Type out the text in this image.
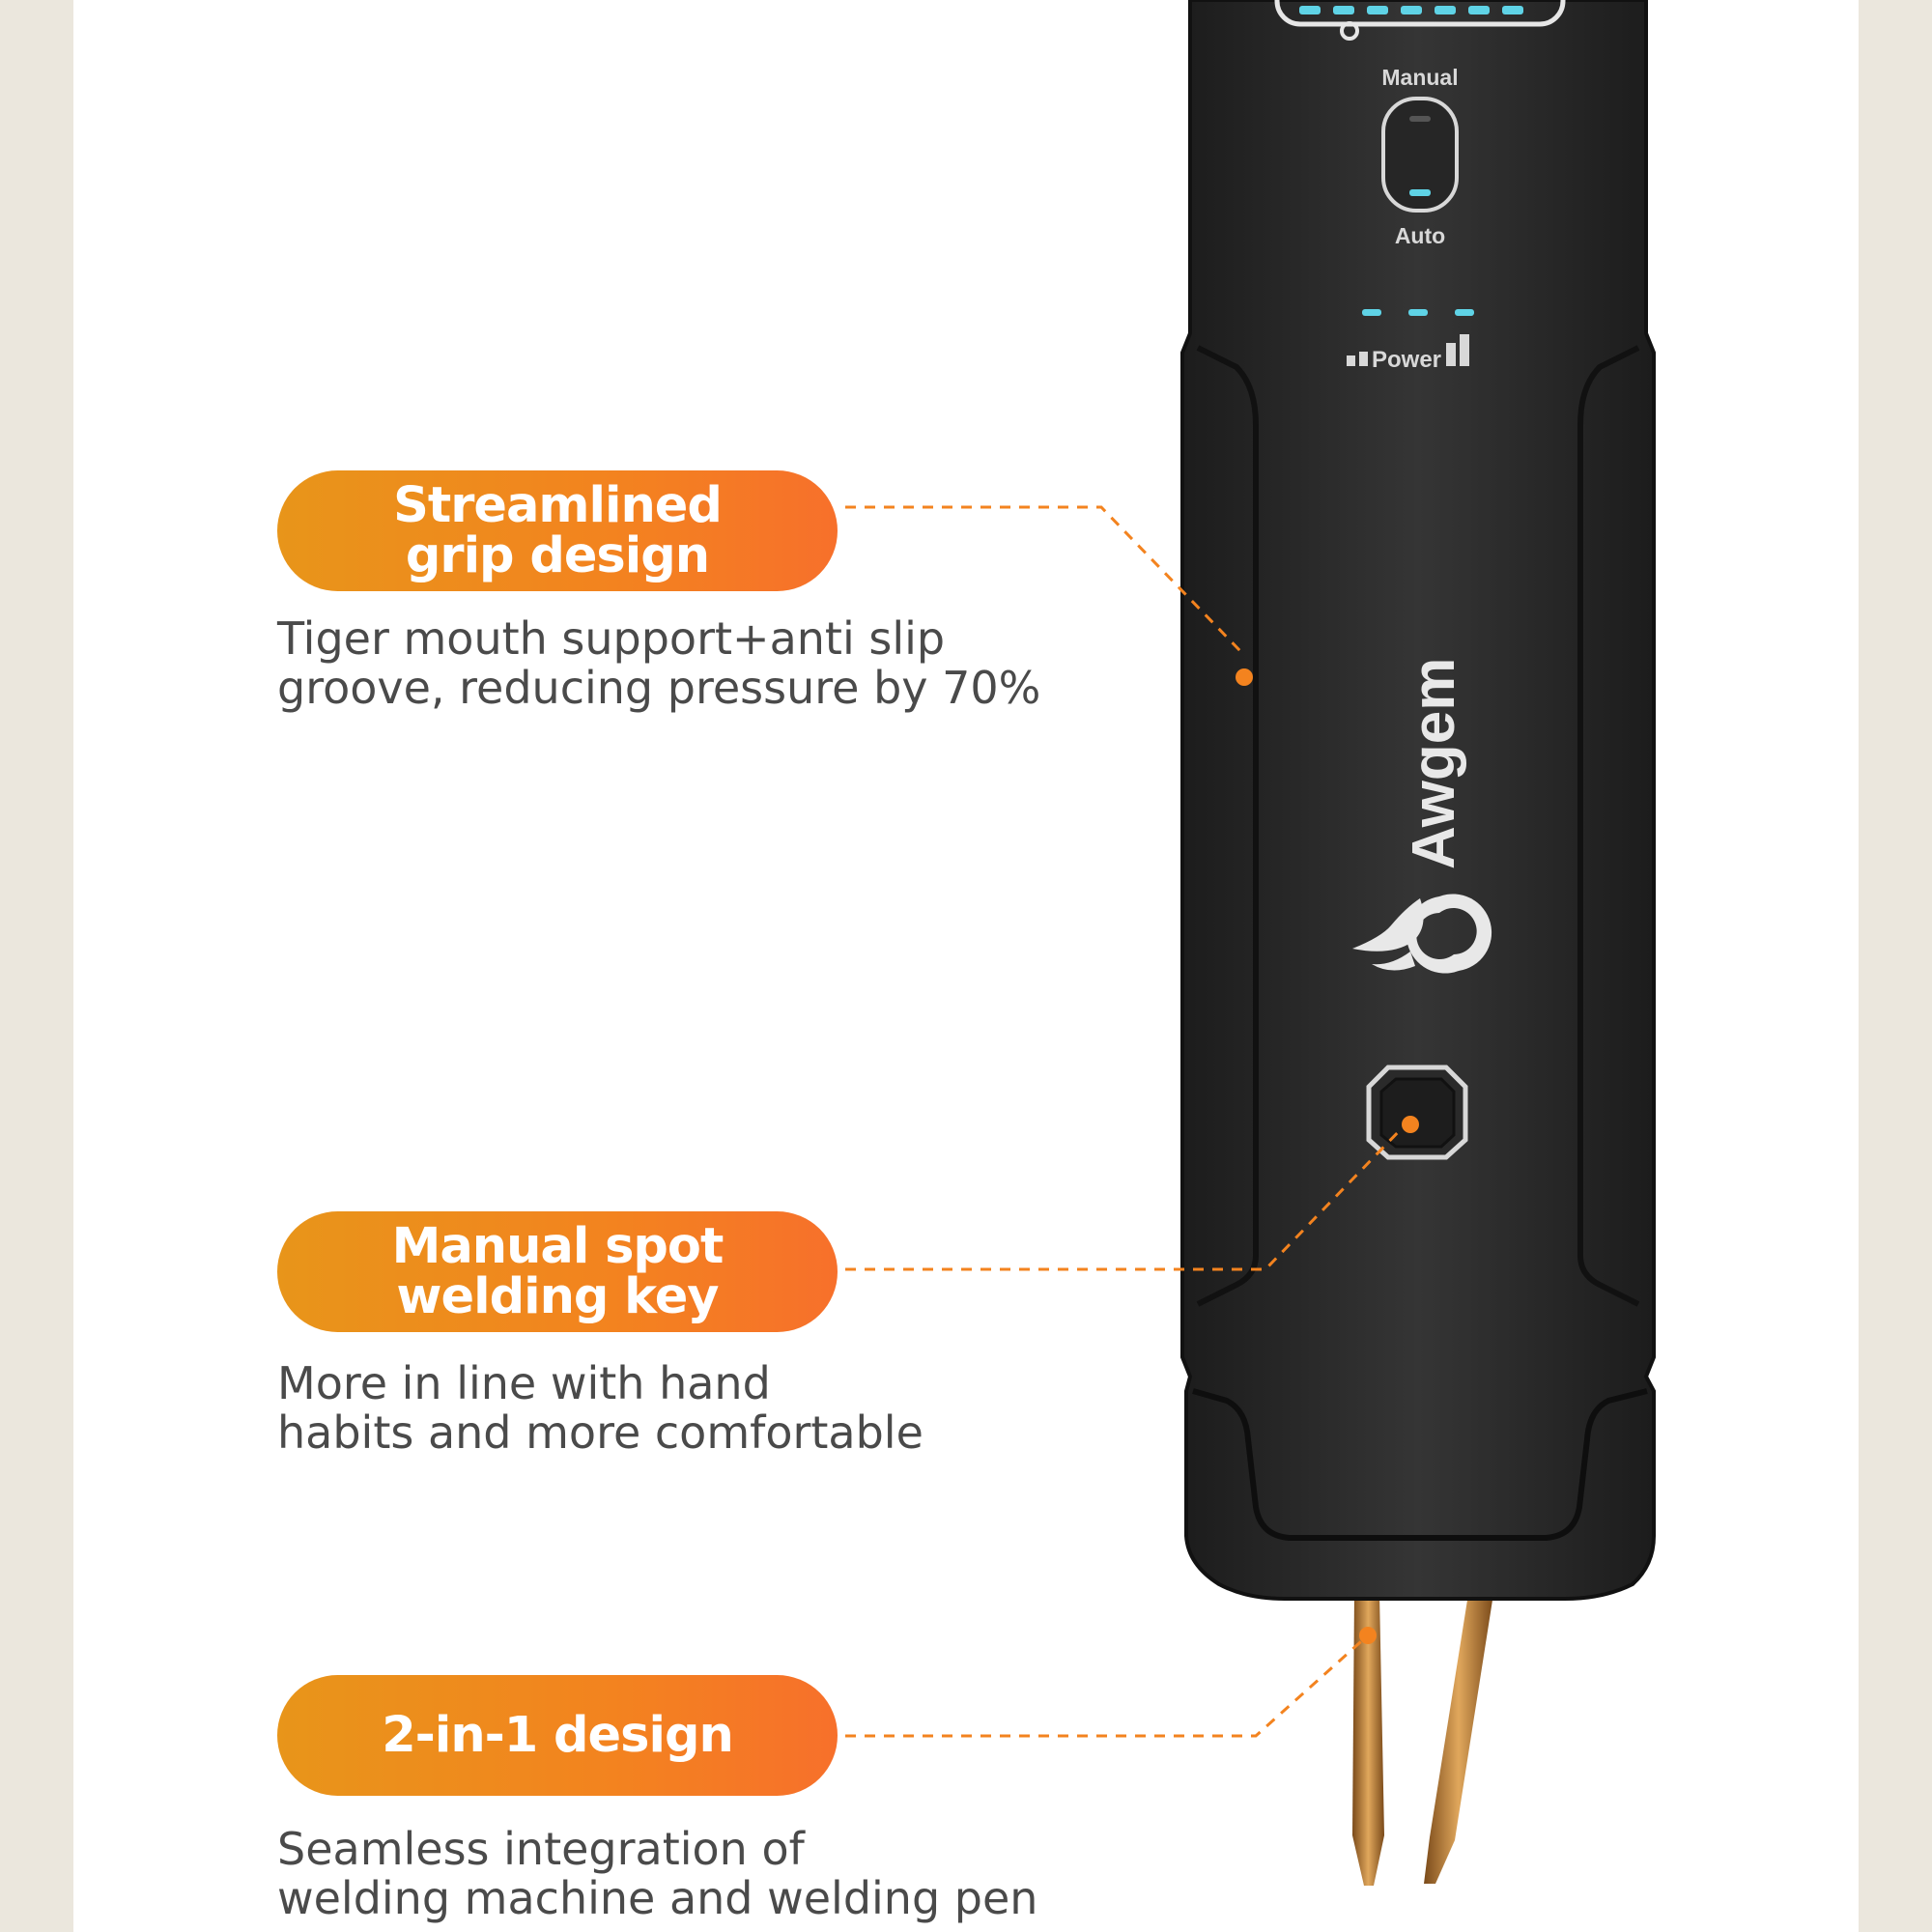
Manual
Auto
Power
Awgem
Streamlined
grip design
Tiger mouth support+anti slip
groove, reducing pressure by 70%
Manual spot
welding key
More in line with hand
habits and more comfortable
2-in-1 design
Seamless integration of
welding machine and welding pen
